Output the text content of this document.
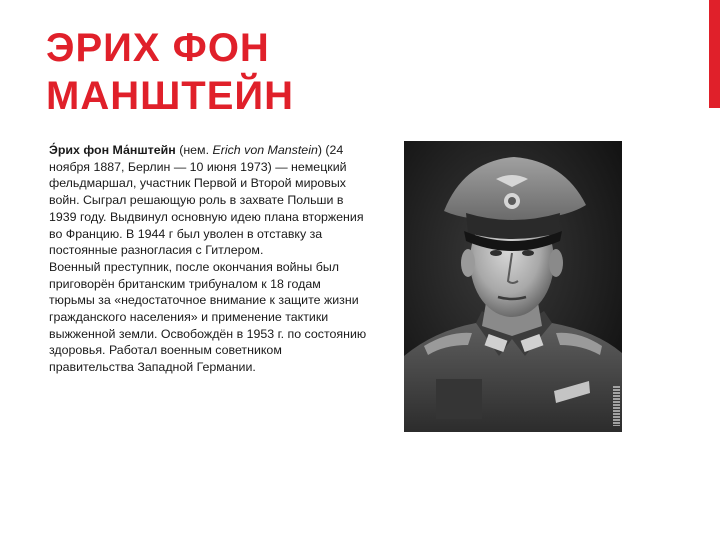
ЭРИХ ФОН
МАНШТЕЙН

Э́рих фон Ма́нштейн (нем. Erich von Manstein) (24 ноября 1887, Берлин — 10 июня 1973) — немецкий фельдмаршал, участник Первой и Второй мировых войн. Сыграл решающую роль в захвате Польши в 1939 году. Выдвинул основную идею плана вторжения во Францию. В 1944 г был уволен в отставку за постоянные разногласия с Гитлером.

Военный преступник, после окончания войны был приговорён британским трибуналом к 18 годам тюрьмы за «недостаточное внимание к защите жизни гражданского населения» и применение тактики выжженной земли. Освобождён в 1953 г. по состоянию здоровья. Работал военным советником правительства Западной Германии.
